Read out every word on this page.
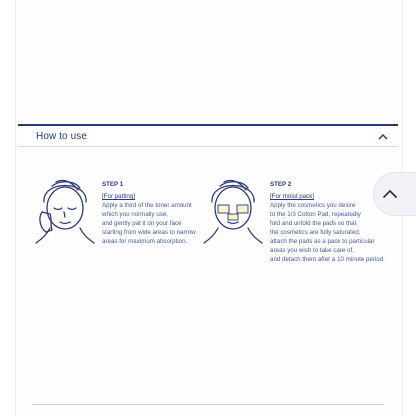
How to use
STEP 1
[For patting]
Apply a third of the toner amount
which you normally use,
and gently pat it on your face
starting from wide areas to narrow
areas for maximum absorption.
STEP 2
[For moist pack]
Apply the cosmetics you desire
to the 1/3 Cotton Pad, repeatedly
fold and unfold the pads so that
the cosmetics are fully saturated,
attach the pads as a pack to particular
areas you wish to take care of,
and detach them after a 10 minute period.
